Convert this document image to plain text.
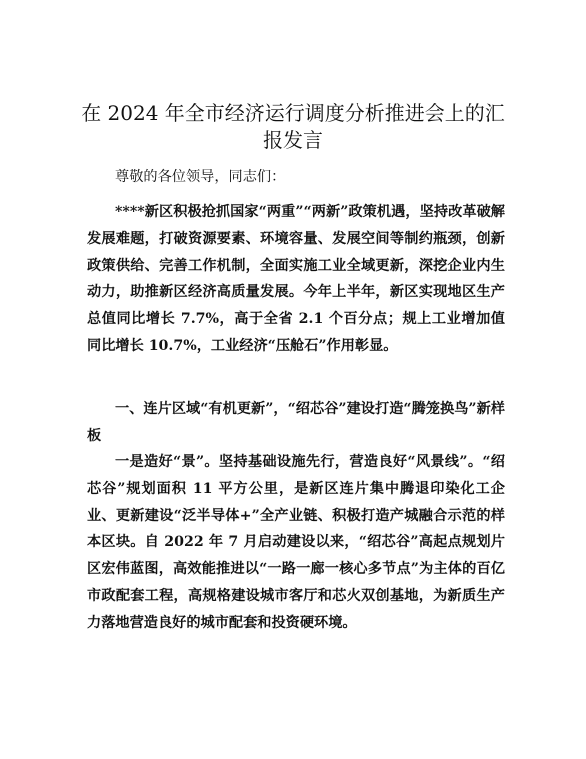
在 2024 年全市经济运行调度分析推进会上的汇报发言

尊敬的各位领导，同志们：

****新区积极抢抓国家“两重”“两新”政策机遇，坚持改革破解发展难题，打破资源要素、环境容量、发展空间等制约瓶颈，创新政策供给、完善工作机制，全面实施工业全域更新，深挖企业内生动力，助推新区经济高质量发展。今年上半年，新区实现地区生产总值同比增长 7.7%，高于全省 2.1 个百分点；规上工业增加值同比增长 10.7%，工业经济“压舱石”作用彰显。

一、连片区域“有机更新”，“绍芯谷”建设打造“腾笼换鸟”新样板

一是造好“景”。坚持基础设施先行，营造良好“风景线”。“绍芯谷”规划面积 11 平方公里，是新区连片集中腾退印染化工企业、更新建设“泛半导体+”全产业链、积极打造产城融合示范的样本区块。自 2022 年 7 月启动建设以来，“绍芯谷”高起点规划片区宏伟蓝图，高效能推进以“一路一廊一核心多节点”为主体的百亿市政配套工程，高规格建设城市客厅和芯火双创基地，为新质生产力落地营造良好的城市配套和投资硬环境。
